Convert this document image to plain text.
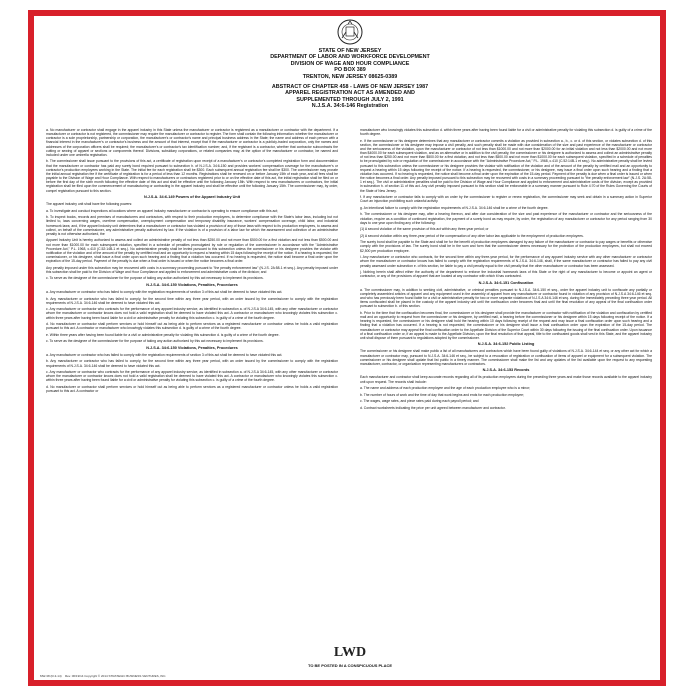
STATE OF NEW JERSEY
DEPARTMENT OF LABOR AND WORKFORCE DEVELOPMENT
DIVISION OF WAGE AND HOUR COMPLIANCE
PO BOX 389
TRENTON, NEW JERSEY 08625-0389
ABSTRACT OF CHAPTER 458 - LAWS OF NEW JERSEY 1987
APPAREL REGISTRATION ACT AS AMENDED AND
SUPPLEMENTED THROUGH JULY 2, 1991
N.J.S.A. 34:6-146 Registration
a. No manufacturer or contractor shall engage in the apparel industry in this State unless the manufacturer or contractor is registered as a manufacturer or contractor with the department. If a manufacturer or contractor is not registered, the commissioner may require the manufacturer or contractor to register. The form shall contain the following information: whether the manufacturer or contractor is a sole proprietorship, partnership or corporation, the manufacturer's or contractor's name and principal business address in the State; the name and address of each person with a financial interest in the manufacturer's or contractor's business and the amount of that interest, except that if the manufacturer or contractor is a publicly-traded corporation, only the names and addresses of the corporation officers shall be required; the manufacturer's or contractor's tax identification number; and, if the registrant is a contractor, whether that contractor subcontracts the cutting or sewing of apparel or sections or components thereof. Divisions, subsidiary corporations, or related companies may, at the option of the manufacturer or contractor, be named and included under one umbrella registration.
b. The commissioner shall issue pursuant to the provisions of this act, a certificate of registration upon receipt of a manufacturer's or contractor's completed registration form and documentation that the manufacturer or contractor has paid any surety bond required pursuant to subsection h. of N.J.S.A. 34:6-150 and provides workers' compensation coverage for the manufacturer's or contractor's production employees working in the State. The initial fee for each registration shall be $300. Each subsequent annual registration fee shall be $300. The commissioner may prorate the initial annual registration fee if the certificate of registration is for a period of less than 12 months. Registrations shall be renewed on or before January 15th of each year, and all fees shall be payable to the Division of Wage and Hour Compliance. With respect to manufacturers or contractors registered prior to or on the effective date of this act, the initial registration shall be filed on or before the first day of the sixth month following the effective date of this act and shall be effective until the following January 15th. With respect to new manufacturers or contractors, the initial registration shall be filed upon the commencement of manufacturing or contracting in the apparel industry and shall be effective until the following January 15th. The commissioner may, by order, compel registration pursuant to this section.
N.J.S.A. 34:6-149 Powers of the Apparel Industry Unit
The apparel industry unit shall have the following powers:
a. To investigate and conduct inspections at locations where an apparel industry manufacturer or contractor is operating to ensure compliance with this act;
b. To inspect books, records and premises of manufacturers and contractors, with respect to their production employees, to determine compliance with the State's labor laws, including but not limited to, laws concerning wages, overtime compensation, unemployment compensation and temporary disability insurance, workers' compensation coverage, child labor, and industrial homework laws; and, if the apparel industry unit determines that a manufacturer or contractor has violated a provision of any of those laws with respect to its production employees, to assess and collect, on behalf of the commissioner, any administrative penalty authorized by law. If the violation is of a provision of a labor law for which the assessment and collection of an administrative penalty is not otherwise authorized, the
Apparel Industry Unit is hereby authorized to assess and collect an administrative penalty of not less than $250.00 and not more than $500.00 for a first violation and not less than $500.00 and not more than $1000.00 for each subsequent violation, specified in a schedule of penalties promulgated by rule or regulation of the commissioner in accordance with the "Administrative Procedure Act," P.L. 1968, c.410 (C.52:14B-1 et seq.). No administrative penalty shall be levied pursuant to this subsection unless the commissioner or his designee provides the violator with notification of the violation and of the amount of the penalty by certified mail and an opportunity to request a hearing within 15 days following the receipt of the notice. If a hearing is requested, the commissioner, or his designee, shall issue a final order upon such hearing and a finding that a violation has occurred. If no hearing is requested, the notice shall become a final order upon the expiration of the 15-day period. Payment of the penalty is due when a final order is issued or when the notice becomes a final order.
Any penalty imposed under this subsection may be recovered with costs in a summary proceeding pursuant to "the penalty enforcement law" (N.J.S. 2A:58-1 et seq.). Any penalty imposed under this subsection shall be paid to the Division of Wage and Hour Compliance and applied to enforcement and administrative costs of the division; and
c. To serve as the designee of the commissioner for the purpose of taking any action authorized by this act necessary to implement its provisions.
N.J.S.A. 34:6-150 Violations, Penalties, Procedures
a. Any manufacturer or contractor who has failed to comply with the registration requirements of section 3 of this act shall be deemed to have violated this act.
b. Any manufacturer or contractor who has failed to comply, for the second time within any three year period, with an order issued by the commissioner to comply with the registration requirements of N.J.S.A. 34:6-146 shall be deemed to have violated this act.
c. Any manufacturer or contractor who contracts for the performance of any apparel industry service, as identified in subsection a. of N.J.S.A 34:6-145, with any other manufacturer or contractor whom the manufacturer or contractor knows does not hold a valid registration shall be deemed to have violated this act. A contractor or manufacturer who knowingly violates this subsection c. within three years after having been found liable for a civil or administrative penalty for violating this subsection c. is guilty of a crime of the fourth degree.
d. No manufacturer or contractor shall perform services or hold himself out as being able to perform services as a registered manufacturer or contractor unless he holds a valid registration pursuant to this act. A contractor or manufacturer who knowingly violates this subsection d. is guilty of a crime of the fourth degree.
e. Within three years after having been found liable for a civil or administrative penalty for violating this subsection d. is guilty of a crime of the fourth degree.
c. To serve as the designee of the commissioner for the purpose of taking any action authorized by this act necessary to implement its provisions.
N.J.S.A. 34:6-150 Violations, Penalties, Procedures
a. Any manufacturer or contractor who has failed to comply with the registration requirements of section 3 of this act shall be deemed to have violated this act.
b. Any manufacturer or contractor who has failed to comply, for the second time within any three year period, with an order issued by the commissioner to comply with the registration requirements of N.J.S.A. 34:6-146 shall be deemed to have violated this act.
c. Any manufacturer or contractor who contracts for the performance of any apparel industry service, as identified in subsection a. of N.J.S.A 34:6-145, with any other manufacturer or contractor whom the manufacturer or contractor knows does not hold a valid registration shall be deemed to have violated this act. A contractor or manufacturer who knowingly violates this subsection c. within three years after having been found liable for a civil or administrative penalty for violating this subsection c. is guilty of a crime of the fourth degree.
d. No manufacturer or contractor shall perform services or hold himself out as being able to perform services as a registered manufacturer or contractor unless he holds a valid registration pursuant to this act. A contractor or
manufacturer who knowingly violates this subsection d. within three years after having been found liable for a civil or administrative penalty for violating this subsection d. is guilty of a crime of the fourth degree.
e. If the commissioner or his designee determines that any manufacturer or contractor commits a violation as provided in subsection a., b., c. or d. of this section, or violates subsection d. of this section, the commissioner or his designee may impose a civil penalty, and such penalty shall be made with due consideration of the size and past experience of the manufacturer or contractor and the seriousness of the violation, upon the manufacturer or contractor of not less than $1000.00 and not more than $2000.00 for an initial violation and not less than $2000.00 and not more than $4000.00 for each subsequent violation, and as an alternative or in addition to the civil penalty, the commissioner or his designee is authorized to assess and collect an administrative penalty of not less than $250.00 and not more than $500.00 for a first violation, and not less than $500.00 and not more than $1000.00 for each subsequent violation, specified in a schedule of penalties to be promulgated by rule or regulation of the commissioner in accordance with the "Administrative Procedure Act," P.L. 1968, c.410 (C.52:14B-1 et seq.). No administrative penalty shall be levied pursuant to this subsection unless the commissioner or his designee provides the violator with notification of the violation and of the amount of the penalty by certified mail and an opportunity to request a hearing within 15 days following the receipt of the notice. If a hearing is requested, the commissioner, or his designee, may issue a final order upon such hearing and a finding that a violation has occurred. If no hearing is requested, the notice shall become a final order upon the expiration of the 15-day period. Payment of the penalty is due when a final order is issued or when the notice becomes a final order. Any penalty imposed pursuant to this subsection may be recovered with costs in a summary proceeding pursuant to "the penalty enforcement law" (N.J.S. 2A:58-1 et seq.). The civil or administrative penalties shall be paid to the Division of Wage and Hour Compliance and applied to enforcement and administrative costs of the division, except as provided in subsection h. of section 11 of this act. Any civil penalty imposed pursuant to this section shall be enforceable in a summary manner pursuant to Rule 4:70 of the Rules Governing the Courts of the State of New Jersey.
f. If any manufacturer or contractor fails to comply with an order by the commissioner to register or renew registration, the commissioner may seek and obtain in a summary action in Superior Court an injunction prohibiting such unlawful activity.
g. An intentional failure to comply with the registration requirements of N.J.S.A. 34:6-146 shall be a crime of the fourth degree.
h. The commissioner or his designee may, after a hearing thereon, and after due consideration of the size and past experience of the manufacturer or contractor and the seriousness of the violation, require as a condition of continued registration, the payment of a surety bond as may require, by order, the registration of any manufacturer or contractor for any period ranging from 30 days to one year upon finding any of the following:
(1) A second violation of the same provision of this act within any three-year period; or
(2) A second violation within any three-year period of the compensation of any other labor law applicable to the employment of production employees.
The surety bond shall be payable to the State and shall be for the benefit of production employees damaged by any failure of the manufacturer or contractor to pay wages or benefits or otherwise comply with the provisions of law. The surety bond shall be in the sum and form that the commissioner deems necessary for the protection of the production employees, but shall not exceed $2,500 per production employee.
i. Any manufacturer or contractor who contracts, for the second time within any three-year period, for the performance of any apparel industry service with any other manufacturer or contractor whom the manufacturer or contractor knows has failed to comply with the registration requirements of N.J.S.A. 34:6-146, shall, if the same manufacturer or contractor has failed to pay any civil penalty assessed under subsection e. of this section, be liable to pay a civil penalty equal to the civil penalty that the other manufacturer or contractor has been assessed.
j. Nothing herein shall affect either the authority of the department to enforce the industrial homework laws of this State or the right of any manufacturer to become or appoint an agent or contractor, or any of the provisions of apparel that are located at any contractor with which it has contracted.
N.J.S.A. 34:6-151 Confiscation
a. The commissioner may, in addition to seeking civil, administrative, or criminal penalties pursuant to N.J.S.A. 34:6-150 et seq., order the apparel industry unit to confiscate any partially or completely assembled articles of apparel and any equipment used in the assembly of apparel from any manufacturer or contractor found in violation of any provision of N.J.S.A 34:6-146 et seq. and who has previously been found liable for a civil or administrative penalty for two or more separate violations of N.J.S.A 34:6-146 et seq. during the immediately preceding three year period. All items confiscated shall be placed in the custody of the apparel industry unit until the confiscation order becomes final and until the final resolution of any appeal of the final confiscation order pursuant to subsection b. of this section.
b. Prior to the time that the confiscation becomes final, the commissioner or his designee shall provide the manufacturer or contractor with notification of the violation and confiscation by certified mail and an opportunity to request from the commissioner or his designee, by certified mail, a hearing before the commissioner or his designee within 15 days following receipt of the notice. If a hearing is requested, the commissioner or his designee shall hold the hearing within 10 days following receipt of the request and may issue a final confiscation order upon such hearing and a finding that a violation has occurred. If a hearing is not requested, the commissioner or his designee shall issue a final confiscation order upon the expiration of the 15-day period. The manufacturer or contractor may appeal the final confiscation order to the Appellate Division of the Superior Court within 30 days following the issuing of the final confiscation order. Upon issuance of a final confiscation order or, if an appeal is made to the Appellate Division, upon the final resolution of that appeal, title to the confiscated goods shall vest in this State, and the apparel industry unit shall dispose of them pursuant to regulations adopted by the commissioner.
N.J.S.A. 34:6-152 Public Listing
The commissioner or his designee shall make public a list of all manufacturers and contractors which have been found guilty of violations of N.J.S.A. 34:6-144 et seq. or any other act for which a manufacturer or contractor may, pursuant to N.J.S.A. 34:6-146 et seq., be subject to a revocation of registration or confiscation of items of apparel or equipment for a subsequent violation. The commissioner or his designee shall update that list public in a timely manner. The commissioner shall make the list and any updates of the list available upon the request to any requesting manufacturer, contractor, or organization representing manufacturers or contractors.
N.J.S.A. 34:6-153 Records
Each manufacturer and contractor shall keep accurate records regarding all of its production employees during the preceding three years and make those records available to the apparel industry unit upon request. The records shall include:
a. The name and address of each production employee and the age of each production employee who is a minor;
b. The number of hours of work and the time of day that work begins and ends for each production employee;
c. The wages, wage rates, and piece rates paid during each payroll period; and
d. Contract worksheets indicating the price per unit agreed between manufacturer and contractor.
LWD
TO BE POSTED IN A CONSPICUOUS PLACE
MW-38 (R-3-14) Rev. 06/19/14 Copyright © 2014 STRATEGIC BUSINESS VENTURES, INC.
